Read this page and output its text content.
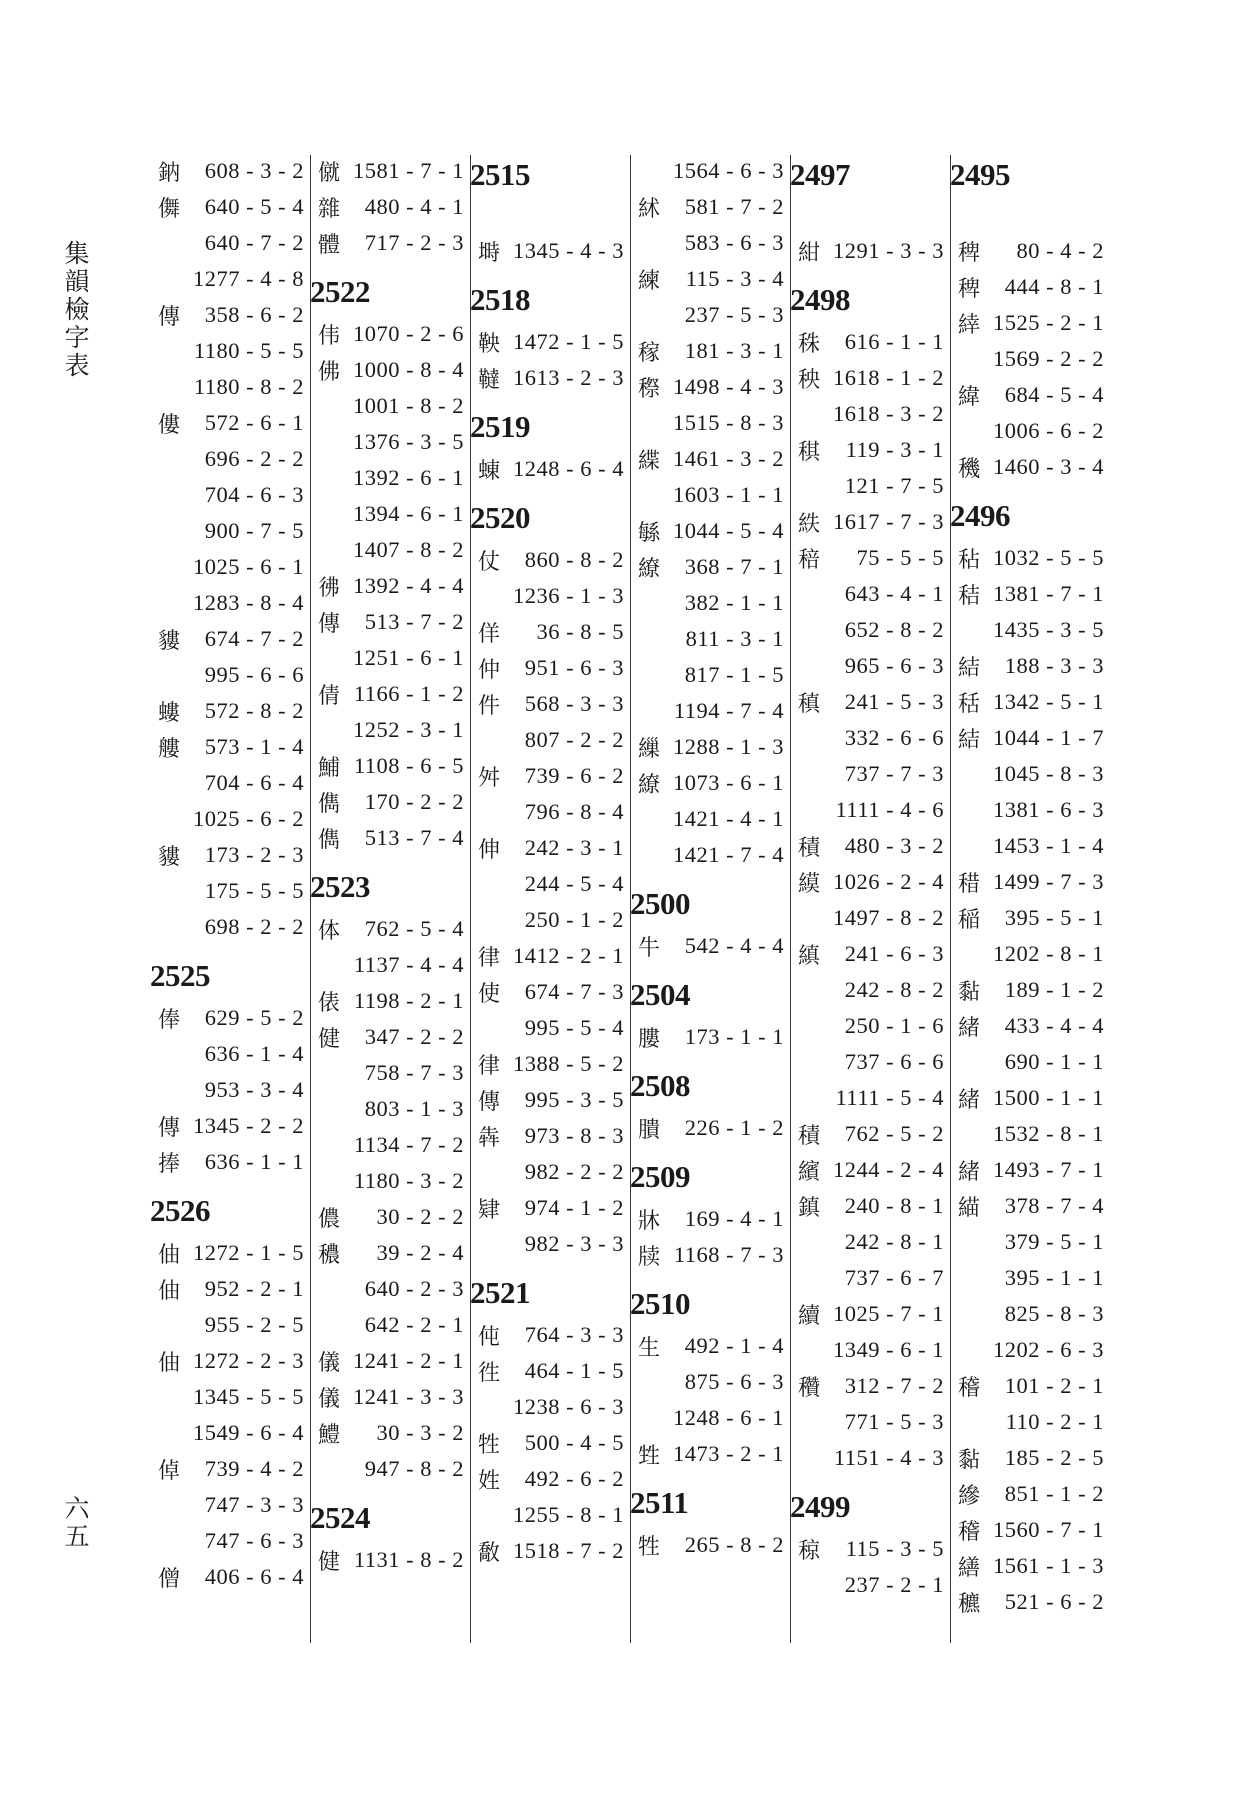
集韻檢字表
六五
鈉	608 - 3 - 2
儛	640 - 5 - 4
640 - 7 - 2
1277 - 4 - 8
傳	358 - 6 - 2
1180 - 5 - 5
1180 - 8 - 2
僂	572 - 6 - 1
696 - 2 - 2
704 - 6 - 3
900 - 7 - 5
1025 - 6 - 1
1283 - 8 - 4
貗	674 - 7 - 2
995 - 6 - 6
螻	572 - 8 - 2
艛	573 - 1 - 4
704 - 6 - 4
1025 - 6 - 2
貗	173 - 2 - 3
175 - 5 - 5
698 - 2 - 2
2525
俸	629 - 5 - 2
636 - 1 - 4
953 - 3 - 4
傳 1345 - 2 - 2
捧	636 - 1 - 1
2526
伷 1272 - 1 - 5
伷	952 - 2 - 1
955 - 2 - 5
伷 1272 - 2 - 3
1345 - 5 - 5
1549 - 6 - 4
倬	739 - 4 - 2
747 - 3 - 3
747 - 6 - 3
僧	406 - 6 - 4
僦 1581 - 7 - 1
雜	480 - 4 - 1
體	717 - 2 - 3
2522
伟 1070 - 2 - 6
佛 1000 - 8 - 4
1001 - 8 - 2
1376 - 3 - 5
1392 - 6 - 1
1394 - 6 - 1
1407 - 8 - 2
彿 1392 - 4 - 4
傳	513 - 7 - 2
1251 - 6 - 1
倩 1166 - 1 - 2
1252 - 3 - 1
鯆 1108 - 6 - 5
儁	170 - 2 - 2
儁	513 - 7 - 4
2523
体	762 - 5 - 4
1137 - 4 - 4
俵 1198 - 2 - 1
健	347 - 2 - 2
758 - 7 - 3
803 - 1 - 3
1134 - 7 - 2
1180 - 3 - 2
儂	30 - 2 - 2
穠	39 - 2 - 4
640 - 2 - 3
642 - 2 - 1
儀 1241 - 2 - 1
儀 1241 - 3 - 3
鱧	30 - 3 - 2
947 - 8 - 2
2524
健 1131 - 8 - 2
2515
塒 1345 - 4 - 3
2518
鞅 1472 - 1 - 5
韃 1613 - 2 - 3
2519
蝀 1248 - 6 - 4
2520
仗	860 - 8 - 2
1236 - 1 - 3
佯	36 - 8 - 5
仲	951 - 6 - 3
件	568 - 3 - 3
807 - 2 - 2
舛	739 - 6 - 2
796 - 8 - 4
伸	242 - 3 - 1
244 - 5 - 4
250 - 1 - 2
律 1412 - 2 - 1
使	674 - 7 - 3
995 - 5 - 4
律 1388 - 5 - 2
傳	995 - 3 - 5
犇	973 - 8 - 3
982 - 2 - 2
肄	974 - 1 - 2
982 - 3 - 3
2521
伅	764 - 3 - 3
徃	464 - 1 - 5
1238 - 6 - 3
牲	500 - 4 - 5
姓	492 - 6 - 2
1255 - 8 - 1
敿 1518 - 7 - 2
1564 - 6 - 3
絉	581 - 7 - 2
583 - 6 - 3
練	115 - 3 - 4
237 - 5 - 3
稼	181 - 3 - 1
穄 1498 - 4 - 3
1515 - 8 - 3
緤 1461 - 3 - 2
1603 - 1 - 1
緐 1044 - 5 - 4
繚	368 - 7 - 1
382 - 1 - 1
811 - 3 - 1
817 - 1 - 5
1194 - 7 - 4
繅 1288 - 1 - 3
繚 1073 - 6 - 1
1421 - 4 - 1
1421 - 7 - 4
2500
牛	542 - 4 - 4
2504
膢	173 - 1 - 1
2508
膭	226 - 1 - 2
2509
牀	169 - 4 - 1
牍 1168 - 7 - 3
2510
生	492 - 1 - 4
875 - 6 - 3
1248 - 6 - 1
甡 1473 - 2 - 1
2511
牲	265 - 8 - 2
2497
紺 1291 - 3 - 3
2498
秼	616 - 1 - 1
秧 1618 - 1 - 2
1618 - 3 - 2
稘	119 - 3 - 1
121 - 7 - 5
紩 1617 - 7 - 3
稖	75 - 5 - 5
643 - 4 - 1
652 - 8 - 2
965 - 6 - 3
稹	241 - 5 - 3
332 - 6 - 6
737 - 7 - 3
1111 - 4 - 6
積	480 - 3 - 2
縸 1026 - 2 - 4
1497 - 8 - 2
縝	241 - 6 - 3
242 - 8 - 2
250 - 1 - 6
737 - 6 - 6
1111 - 5 - 4
積	762 - 5 - 2
繽 1244 - 2 - 4
鎮	240 - 8 - 1
242 - 8 - 1
737 - 6 - 7
續 1025 - 7 - 1
1349 - 6 - 1
穳	312 - 7 - 2
771 - 5 - 3
1151 - 4 - 3
2499
稤	115 - 3 - 5
237 - 2 - 1
2495
稗	80 - 4 - 2
稗	444 - 8 - 1
緈 1525 - 2 - 1
1569 - 2 - 2
緯	684 - 5 - 4
1006 - 6 - 2
穖 1460 - 3 - 4
2496
秥 1032 - 5 - 5
秸 1381 - 7 - 1
1435 - 3 - 5
結	188 - 3 - 3
秳 1342 - 5 - 1
結 1044 - 1 - 7
1045 - 8 - 3
1381 - 6 - 3
1453 - 1 - 4
稓 1499 - 7 - 3
稲	395 - 5 - 1
1202 - 8 - 1
黏	189 - 1 - 2
緒	433 - 4 - 4
690 - 1 - 1
緒 1500 - 1 - 1
1532 - 8 - 1
緒 1493 - 7 - 1
緢	378 - 7 - 4
379 - 5 - 1
395 - 1 - 1
825 - 8 - 3
1202 - 6 - 3
稽	101 - 2 - 1
110 - 2 - 1
黏	185 - 2 - 5
縿	851 - 1 - 2
稽 1560 - 7 - 1
繕 1561 - 1 - 3
穮	521 - 6 - 2
